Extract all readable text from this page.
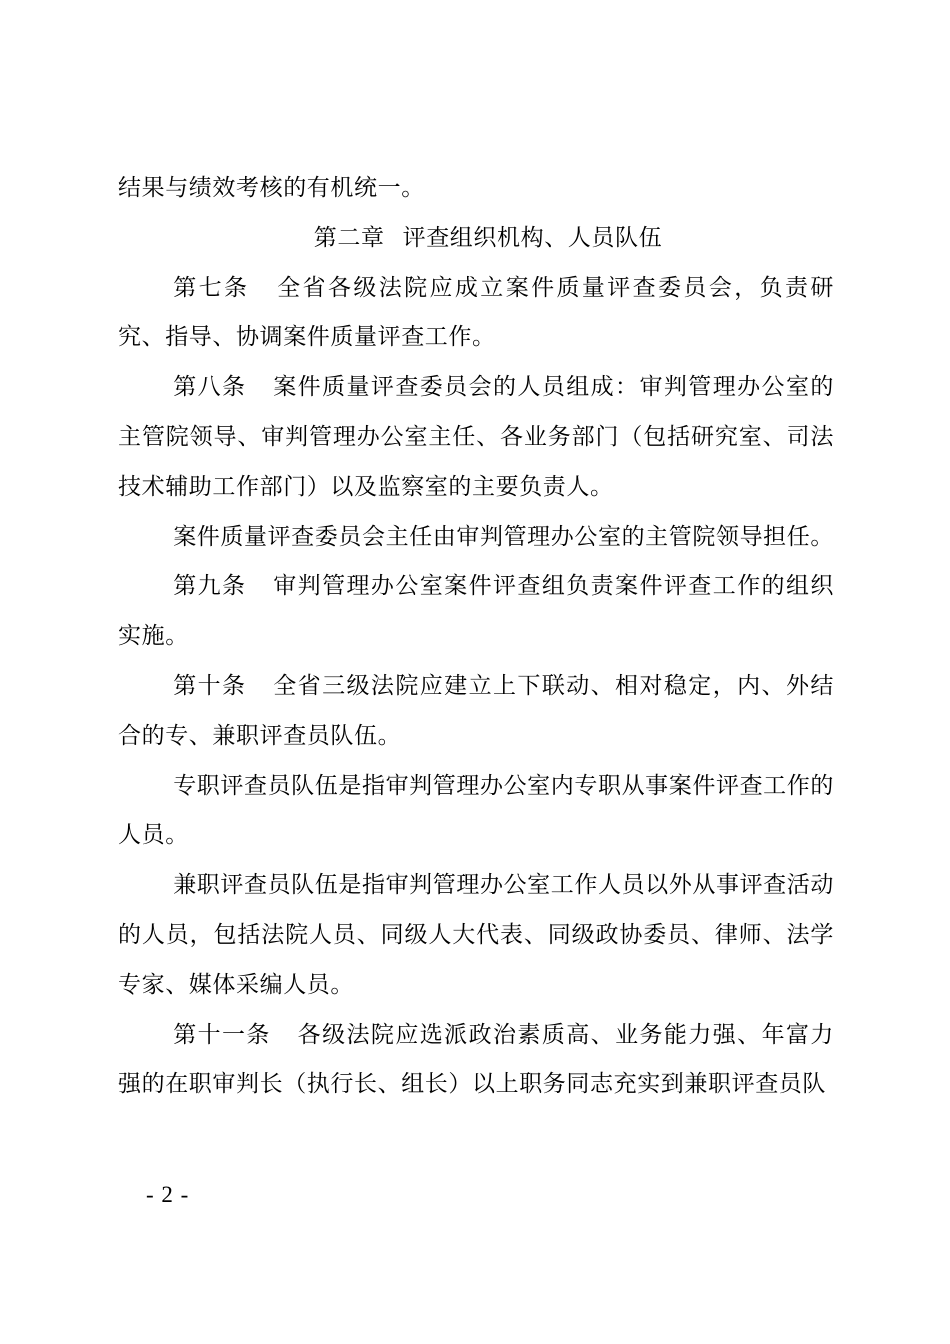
结果与绩效考核的有机统一。

第二章 评查组织机构、人员队伍

第七条 全省各级法院应成立案件质量评查委员会，负责研究、指导、协调案件质量评查工作。

第八条 案件质量评查委员会的人员组成：审判管理办公室的主管院领导、审判管理办公室主任、各业务部门（包括研究室、司法技术辅助工作部门）以及监察室的主要负责人。

案件质量评查委员会主任由审判管理办公室的主管院领导担任。

第九条 审判管理办公室案件评查组负责案件评查工作的组织实施。

第十条 全省三级法院应建立上下联动、相对稳定，内、外结合的专、兼职评查员队伍。

专职评查员队伍是指审判管理办公室内专职从事案件评查工作的人员。

兼职评查员队伍是指审判管理办公室工作人员以外从事评查活动的人员，包括法院人员、同级人大代表、同级政协委员、律师、法学专家、媒体采编人员。

第十一条 各级法院应选派政治素质高、业务能力强、年富力强的在职审判长（执行长、组长）以上职务同志充实到兼职评查员队

- 2 -
